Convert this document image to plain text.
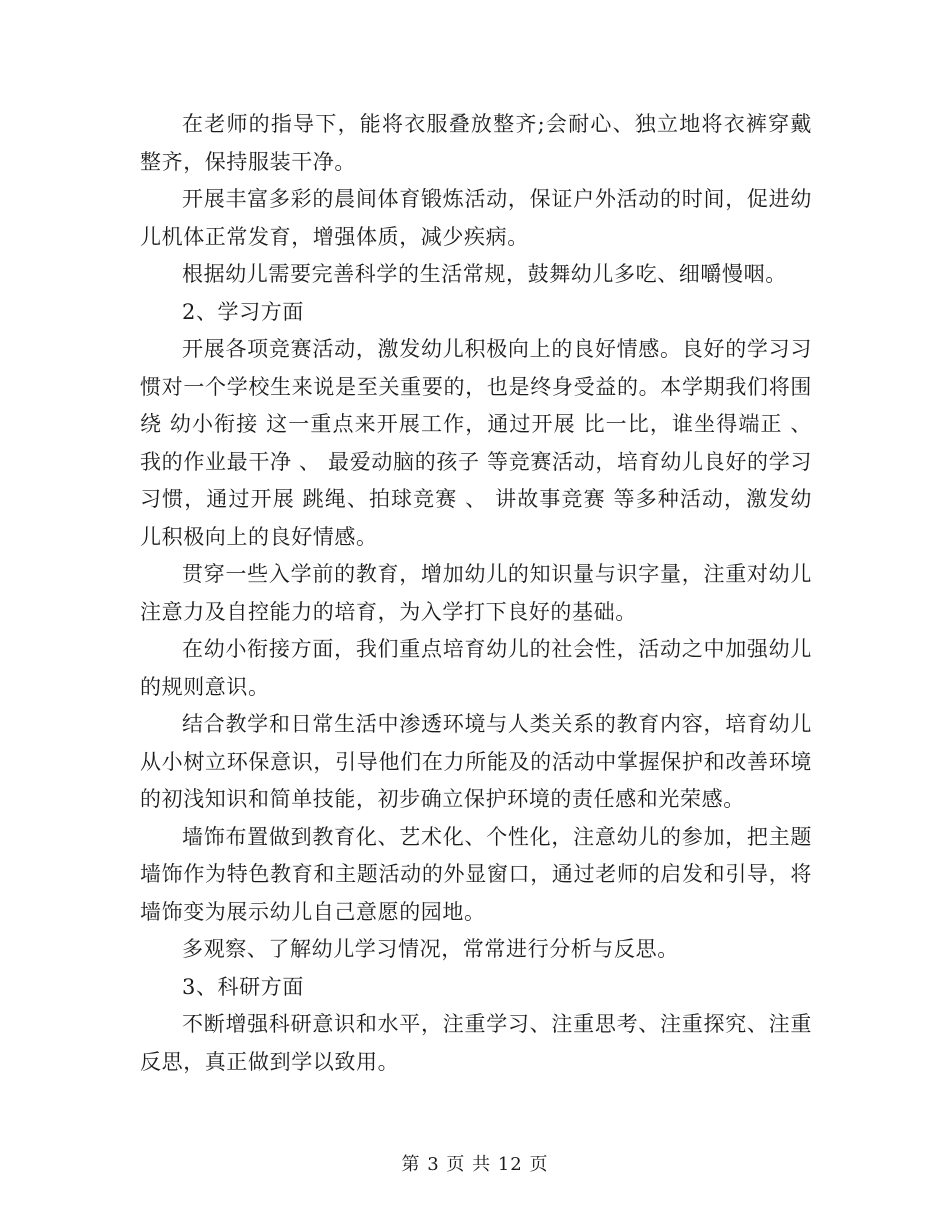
在老师的指导下，能将衣服叠放整齐;会耐心、独立地将衣裤穿戴整齐，保持服装干净。

开展丰富多彩的晨间体育锻炼活动，保证户外活动的时间，促进幼儿机体正常发育，增强体质，减少疾病。

根据幼儿需要完善科学的生活常规，鼓舞幼儿多吃、细嚼慢咽。

2、学习方面

开展各项竞赛活动，激发幼儿积极向上的良好情感。良好的学习习惯对一个学校生来说是至关重要的，也是终身受益的。本学期我们将围绕 幼小衔接 这一重点来开展工作，通过开展 比一比，谁坐得端正 、 我的作业最干净 、 最爱动脑的孩子 等竞赛活动，培育幼儿良好的学习习惯，通过开展 跳绳、拍球竞赛 、 讲故事竞赛 等多种活动，激发幼儿积极向上的良好情感。

贯穿一些入学前的教育，增加幼儿的知识量与识字量，注重对幼儿注意力及自控能力的培育，为入学打下良好的基础。

在幼小衔接方面，我们重点培育幼儿的社会性，活动之中加强幼儿的规则意识。

结合教学和日常生活中渗透环境与人类关系的教育内容，培育幼儿从小树立环保意识，引导他们在力所能及的活动中掌握保护和改善环境的初浅知识和简单技能，初步确立保护环境的责任感和光荣感。

墙饰布置做到教育化、艺术化、个性化，注意幼儿的参加，把主题墙饰作为特色教育和主题活动的外显窗口，通过老师的启发和引导，将墙饰变为展示幼儿自己意愿的园地。

多观察、了解幼儿学习情况，常常进行分析与反思。

3、科研方面

不断增强科研意识和水平，注重学习、注重思考、注重探究、注重反思，真正做到学以致用。

第 3 页 共 12 页
